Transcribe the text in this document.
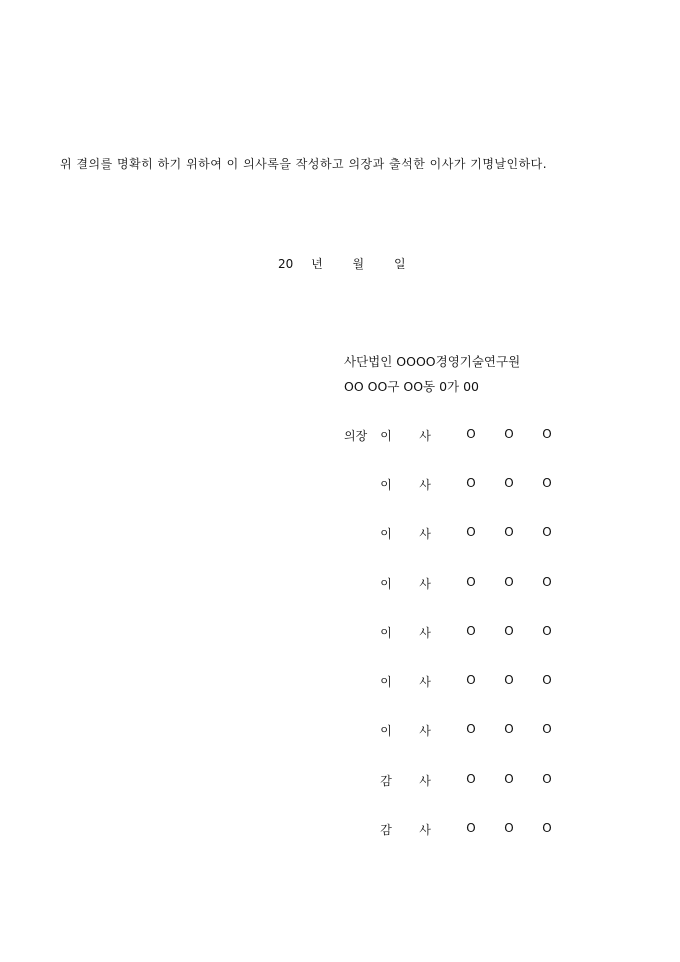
위 결의를 명확히 하기 위하여 이 의사록을 작성하고 의장과 출석한 이사가 기명날인하다.
20 년 월 일
사단법인 OOOO경영기술연구원
OO OO구 OO동 0가 00
의장 이 사	O O O
이 사	O O O
이 사	O O O
이 사	O O O
이 사	O O O
이 사	O O O
이 사	O O O
감 사	O O O
감 사	O O O
